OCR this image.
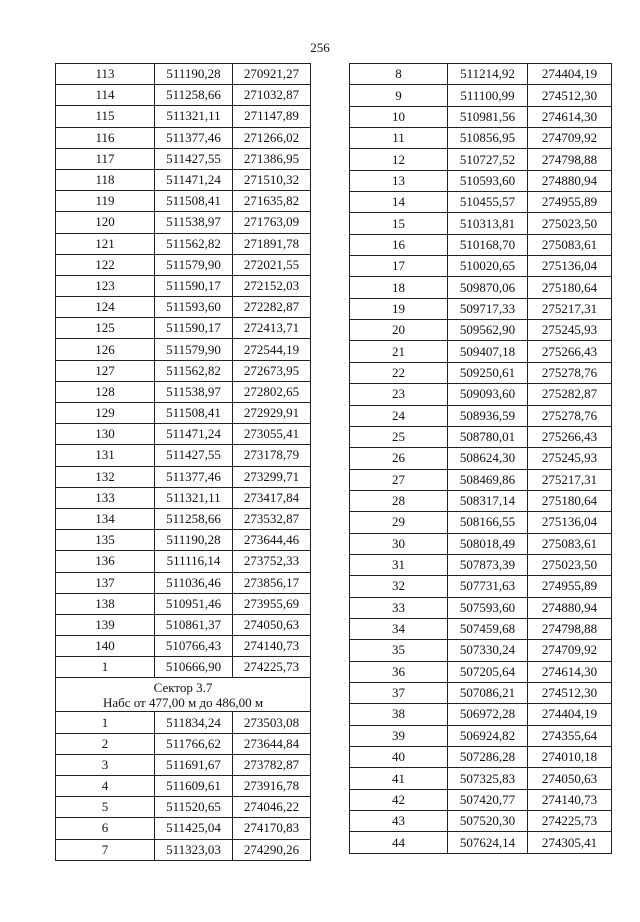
256
113	511190,28	270921,27
114	511258,66	271032,87
115	511321,11	271147,89
116	511377,46	271266,02
117	511427,55	271386,95
118	511471,24	271510,32
119	511508,41	271635,82
120	511538,97	271763,09
121	511562,82	271891,78
122	511579,90	272021,55
123	511590,17	272152,03
124	511593,60	272282,87
125	511590,17	272413,71
126	511579,90	272544,19
127	511562,82	272673,95
128	511538,97	272802,65
129	511508,41	272929,91
130	511471,24	273055,41
131	511427,55	273178,79
132	511377,46	273299,71
133	511321,11	273417,84
134	511258,66	273532,87
135	511190,28	273644,46
136	511116,14	273752,33
137	511036,46	273856,17
138	510951,46	273955,69
139	510861,37	274050,63
140	510766,43	274140,73
1	510666,90	274225,73

Сектор 3.7
Набс от 477,00 м до 486,00 м		

1	511834,24	273503,08
2	511766,62	273644,84
3	511691,67	273782,87
4	511609,61	273916,78
5	511520,65	274046,22
6	511425,04	274170,83
7	511323,03	274290,26
8	511214,92	274404,19
9	511100,99	274512,30
10	510981,56	274614,30
11	510856,95	274709,92
12	510727,52	274798,88
13	510593,60	274880,94
14	510455,57	274955,89
15	510313,81	275023,50
16	510168,70	275083,61
17	510020,65	275136,04
18	509870,06	275180,64
19	509717,33	275217,31
20	509562,90	275245,93
21	509407,18	275266,43
22	509250,61	275278,76
23	509093,60	275282,87
24	508936,59	275278,76
25	508780,01	275266,43
26	508624,30	275245,93
27	508469,86	275217,31
28	508317,14	275180,64
29	508166,55	275136,04
30	508018,49	275083,61
31	507873,39	275023,50
32	507731,63	274955,89
33	507593,60	274880,94
34	507459,68	274798,88
35	507330,24	274709,92
36	507205,64	274614,30
37	507086,21	274512,30
38	506972,28	274404,19
39	506924,82	274355,64
40	507286,28	274010,18
41	507325,83	274050,63
42	507420,77	274140,73
43	507520,30	274225,73
44	507624,14	274305,41
